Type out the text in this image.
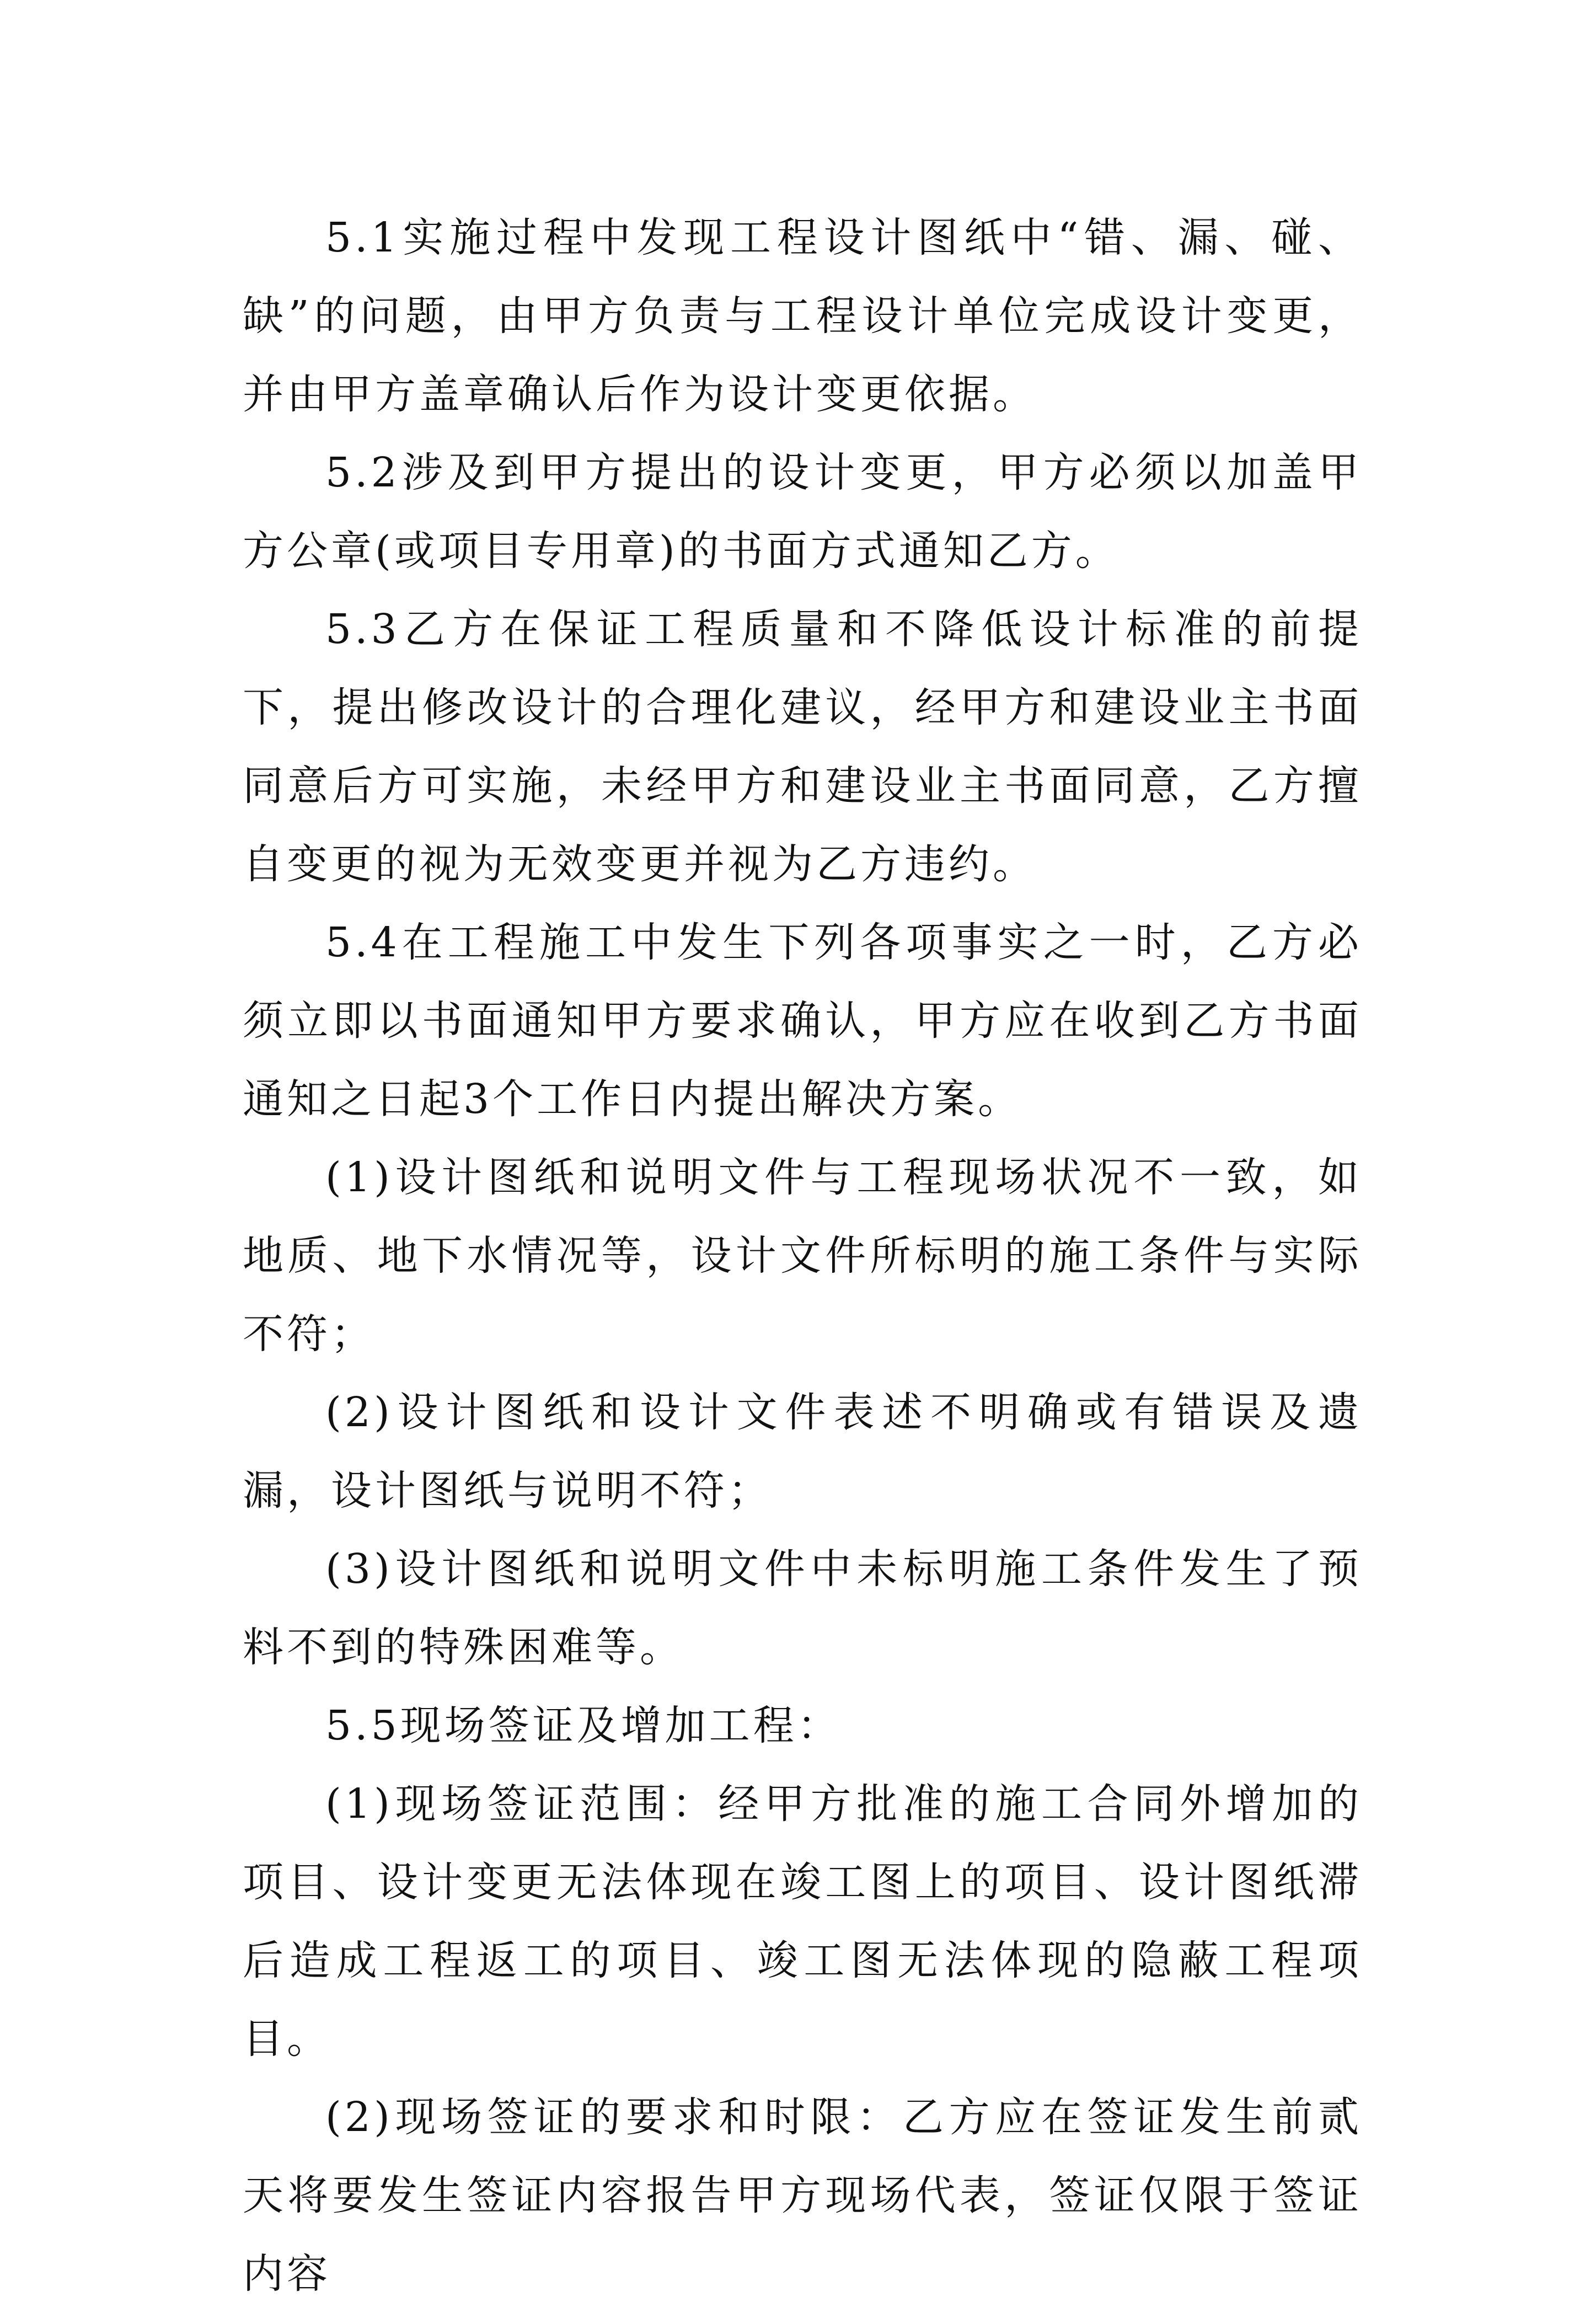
5.1实施过程中发现工程设计图纸中“错、漏、碰、缺”的问题，由甲方负责与工程设计单位完成设计变更，并由甲方盖章确认后作为设计变更依据。

5.2涉及到甲方提出的设计变更，甲方必须以加盖甲方公章(或项目专用章)的书面方式通知乙方。

5.3乙方在保证工程质量和不降低设计标准的前提下，提出修改设计的合理化建议，经甲方和建设业主书面同意后方可实施，未经甲方和建设业主书面同意，乙方擅自变更的视为无效变更并视为乙方违约。

5.4在工程施工中发生下列各项事实之一时，乙方必须立即以书面通知甲方要求确认，甲方应在收到乙方书面通知之日起3个工作日内提出解决方案。

(1)设计图纸和说明文件与工程现场状况不一致，如地质、地下水情况等，设计文件所标明的施工条件与实际不符；

(2)设计图纸和设计文件表述不明确或有错误及遗漏，设计图纸与说明不符；

(3)设计图纸和说明文件中未标明施工条件发生了预料不到的特殊困难等。

5.5现场签证及增加工程：

(1)现场签证范围：经甲方批准的施工合同外增加的项目、设计变更无法体现在竣工图上的项目、设计图纸滞后造成工程返工的项目、竣工图无法体现的隐蔽工程项目。

(2)现场签证的要求和时限：乙方应在签证发生前贰天将要发生签证内容报告甲方现场代表，签证仅限于签证内容
